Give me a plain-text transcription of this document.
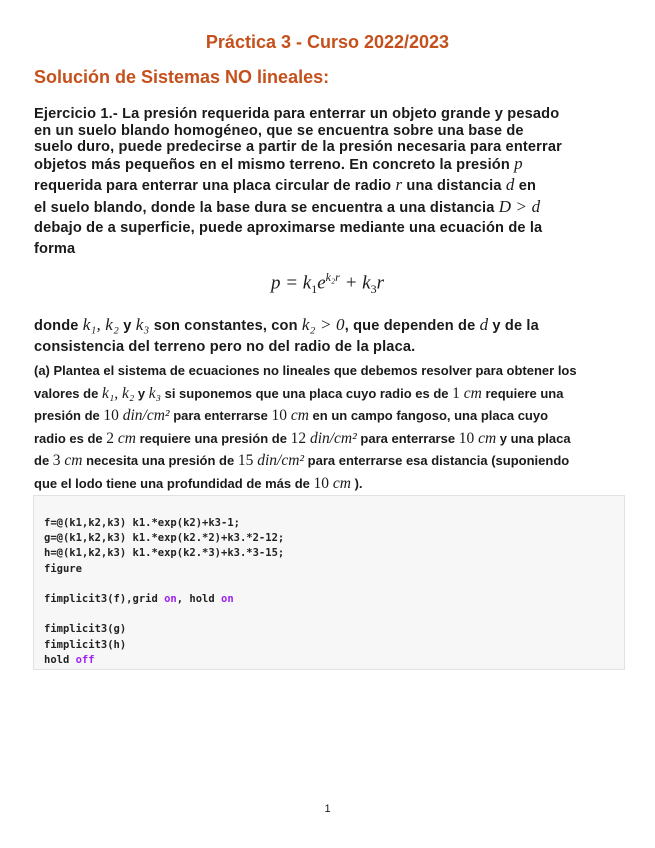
Práctica 3 - Curso 2022/2023
Solución de Sistemas NO lineales:
Ejercicio 1.- La presión requerida para enterrar un objeto grande y pesado
en un suelo blando homogéneo, que se encuentra sobre una base de
suelo duro, puede predecirse a partir de la presión necesaria para enterrar
objetos más pequeños en el mismo terreno. En concreto la presión p
requerida para enterrar una placa circular de radio r una distancia d en
el suelo blando, donde la base dura se encuentra a una distancia D > d
debajo de a superficie, puede aproximarse mediante una ecuación de la
forma
$p = k_1e^{k_2r} + k_3r$
donde k₁, k₂ y k₃ son constantes, con k₂ > 0, que dependen de d y de la
consistencia del terreno pero no del radio de la placa.
(a) Plantea el sistema de ecuaciones no lineales que debemos resolver para obtener los
valores de k₁, k₂ y k₃ si suponemos que una placa cuyo radio es de 1 cm requiere una
presión de 10 din/cm² para enterrarse 10 cm en un campo fangoso, una placa cuyo
radio es de 2 cm requiere una presión de 12 din/cm² para enterrarse 10 cm y una placa
de 3 cm necesita una presión de 15 din/cm² para enterrarse esa distancia (suponiendo
que el lodo tiene una profundidad de más de 10 cm ).
f=@(k1,k2,k3) k1.*exp(k2)+k3-1;
g=@(k1,k2,k3) k1.*exp(k2.*2)+k3.*2-12;
h=@(k1,k2,k3) k1.*exp(k2.*3)+k3.*3-15;
figure
fimplicit3(f),grid on, hold on
fimplicit3(g)
fimplicit3(h)
hold off
1
